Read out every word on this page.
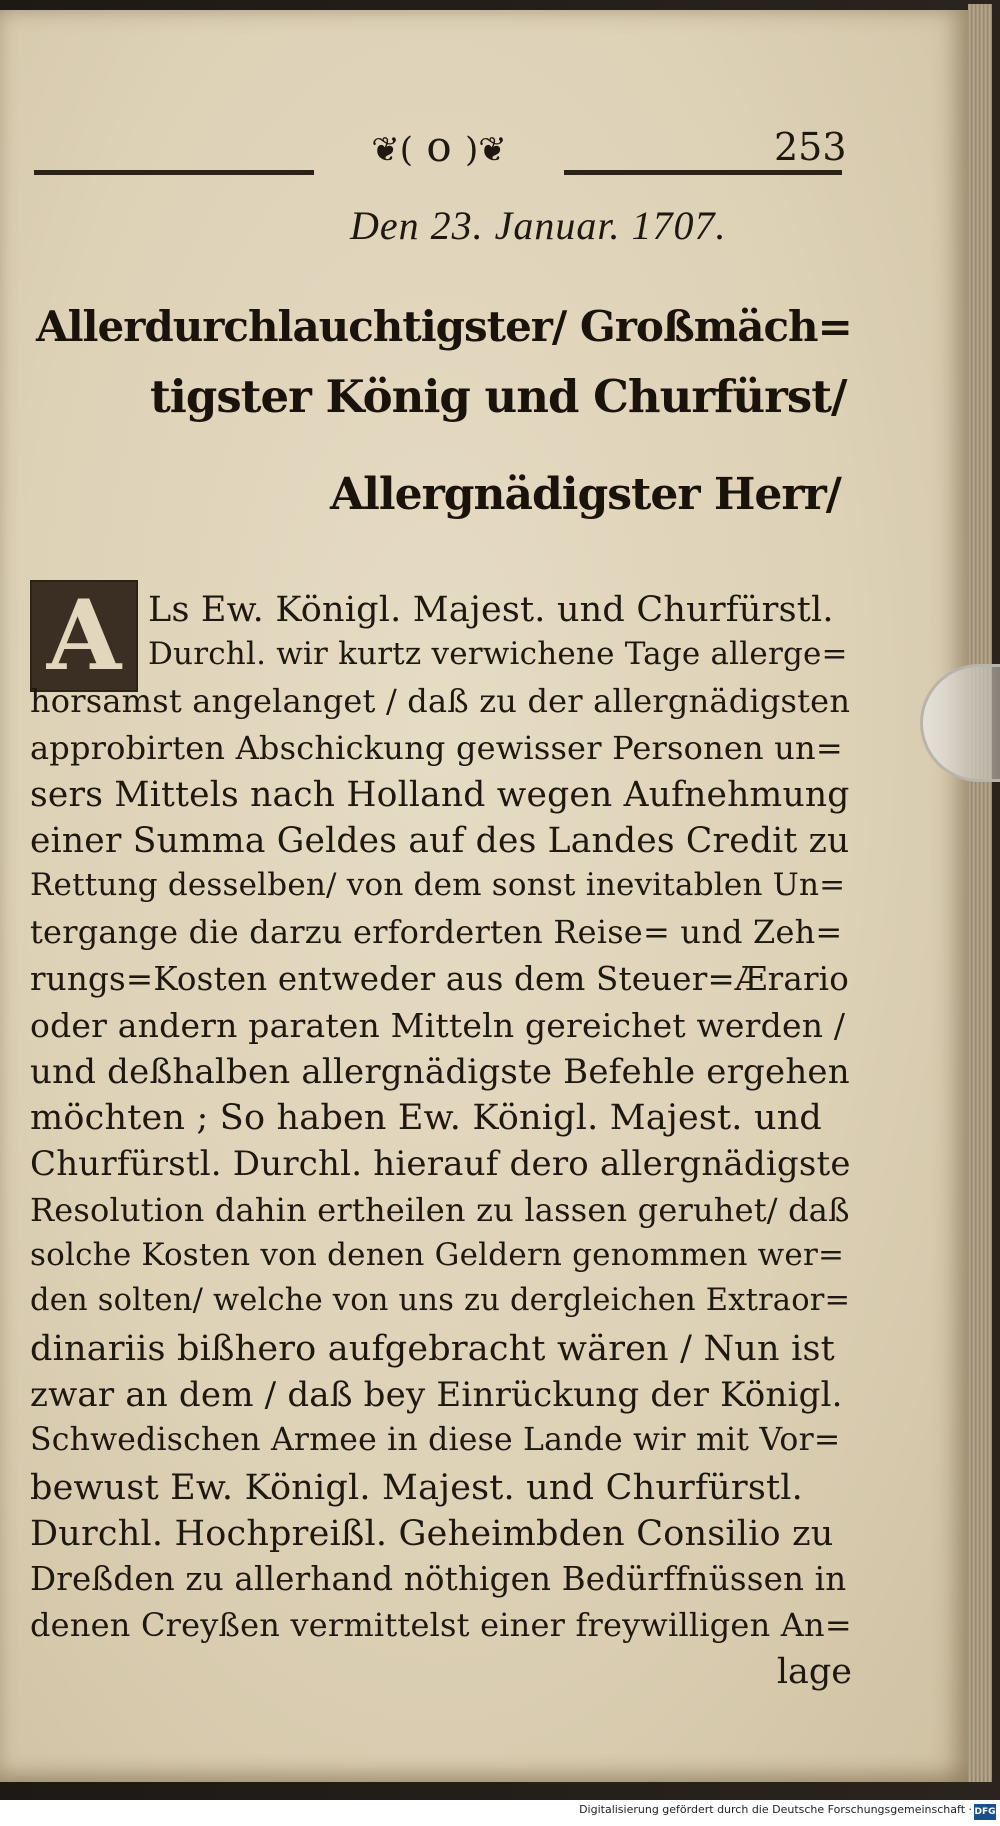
❦( o )❦	253
Den 23. Januar. 1707.
Allerdurchlauchtigster/ Großmäch=
tigster König und Churfürst/
Allergnädigster Herr/
A Ls Ew. Königl. Majest. und Churfürstl.
Durchl. wir kurtz verwichene Tage allerge=
horsamst angelanget / daß zu der allergnädigsten
approbirten Abschickung gewisser Personen un=
sers Mittels nach Holland wegen Aufnehmung
einer Summa Geldes auf des Landes Credit zu
Rettung desselben/ von dem sonst inevitablen Un=
tergange die darzu erforderten Reise= und Zeh=
rungs=Kosten entweder aus dem Steuer=Ærario
oder andern paraten Mitteln gereichet werden /
und deßhalben allergnädigste Befehle ergehen
möchten ; So haben Ew. Königl. Majest. und
Churfürstl. Durchl. hierauf dero allergnädigste
Resolution dahin ertheilen zu lassen geruhet/ daß
solche Kosten von denen Geldern genommen wer=
den solten/ welche von uns zu dergleichen Extraor=
dinariis bißhero aufgebracht wären / Nun ist
zwar an dem / daß bey Einrückung der Königl.
Schwedischen Armee in diese Lande wir mit Vor=
bewust Ew. Königl. Majest. und Churfürstl.
Durchl. Hochpreißl. Geheimbden Consilio zu
Dreßden zu allerhand nöthigen Bedürffnüssen in
denen Creyßen vermittelst einer freywilligen An=
lage
Digitalisierung gefördert durch die Deutsche Forschungsgemeinschaft · DFG
